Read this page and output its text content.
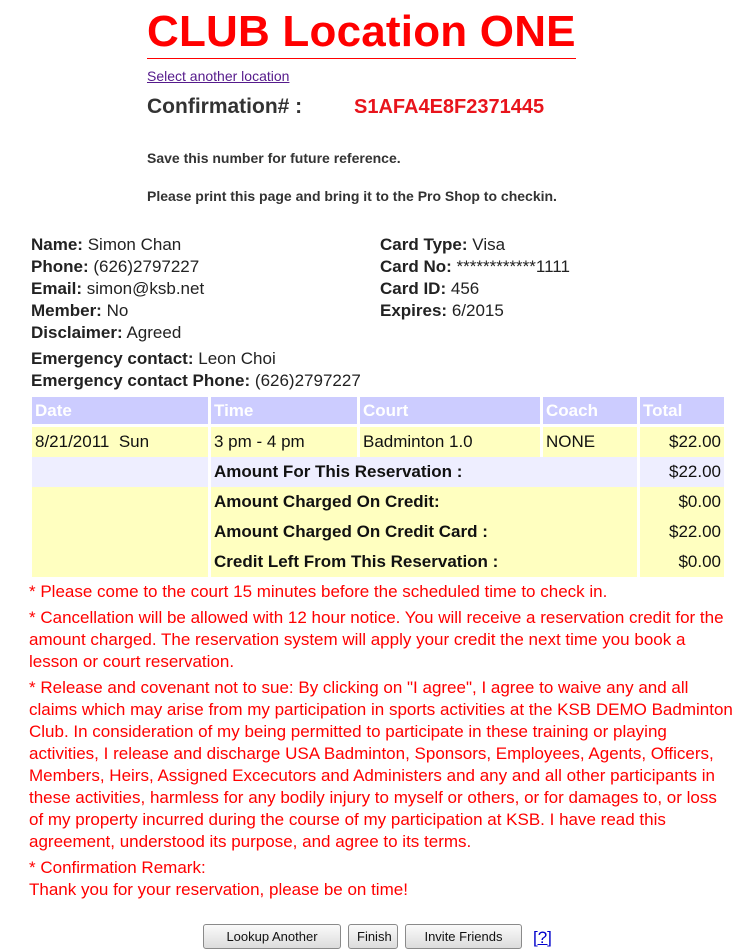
CLUB Location ONE
Select another location
Confirmation# :	S1AFA4E8F2371445
Save this number for future reference.
Please print this page and bring it to the Pro Shop to checkin.
Name: Simon Chan
Phone: (626)2797227
Email: simon@ksb.net
Member: No
Disclaimer: Agreed
Card Type: Visa
Card No: ************1111
Card ID: 456
Expires: 6/2015
Emergency contact: Leon Choi
Emergency contact Phone: (626)2797227
Date	Time	Court	Coach	Total

8/21/2011  Sun	3 pm - 4 pm	Badminton 1.0	NONE	$22.00
	Amount For This Reservation :			$22.00
	Amount Charged On Credit:			$0.00
	Amount Charged On Credit Card :			$22.00
	Credit Left From This Reservation :			$0.00

* Please come to the court 15 minutes before the scheduled time to check in.

* Cancellation will be allowed with 12 hour notice. You will receive a reservation credit for the amount charged. The reservation system will apply your credit the next time you book a lesson or court reservation.

* Release and covenant not to sue: By clicking on "I agree", I agree to waive any and all claims which may arise from my participation in sports activities at the KSB DEMO Badminton Club. In consideration of my being permitted to participate in these training or playing activities, I release and discharge USA Badminton, Sponsors, Employees, Agents, Officers, Members, Heirs, Assigned Excecutors and Administers and any and all other participants in these activities, harmless for any bodily injury to myself or others, or for damages to, or loss of my property incurred during the course of my participation at KSB. I have read this agreement, understood its purpose, and agree to its terms.

* Confirmation Remark:
Thank you for your reservation, please be on time!
Lookup Another	Finish	Invite Friends	[?]
